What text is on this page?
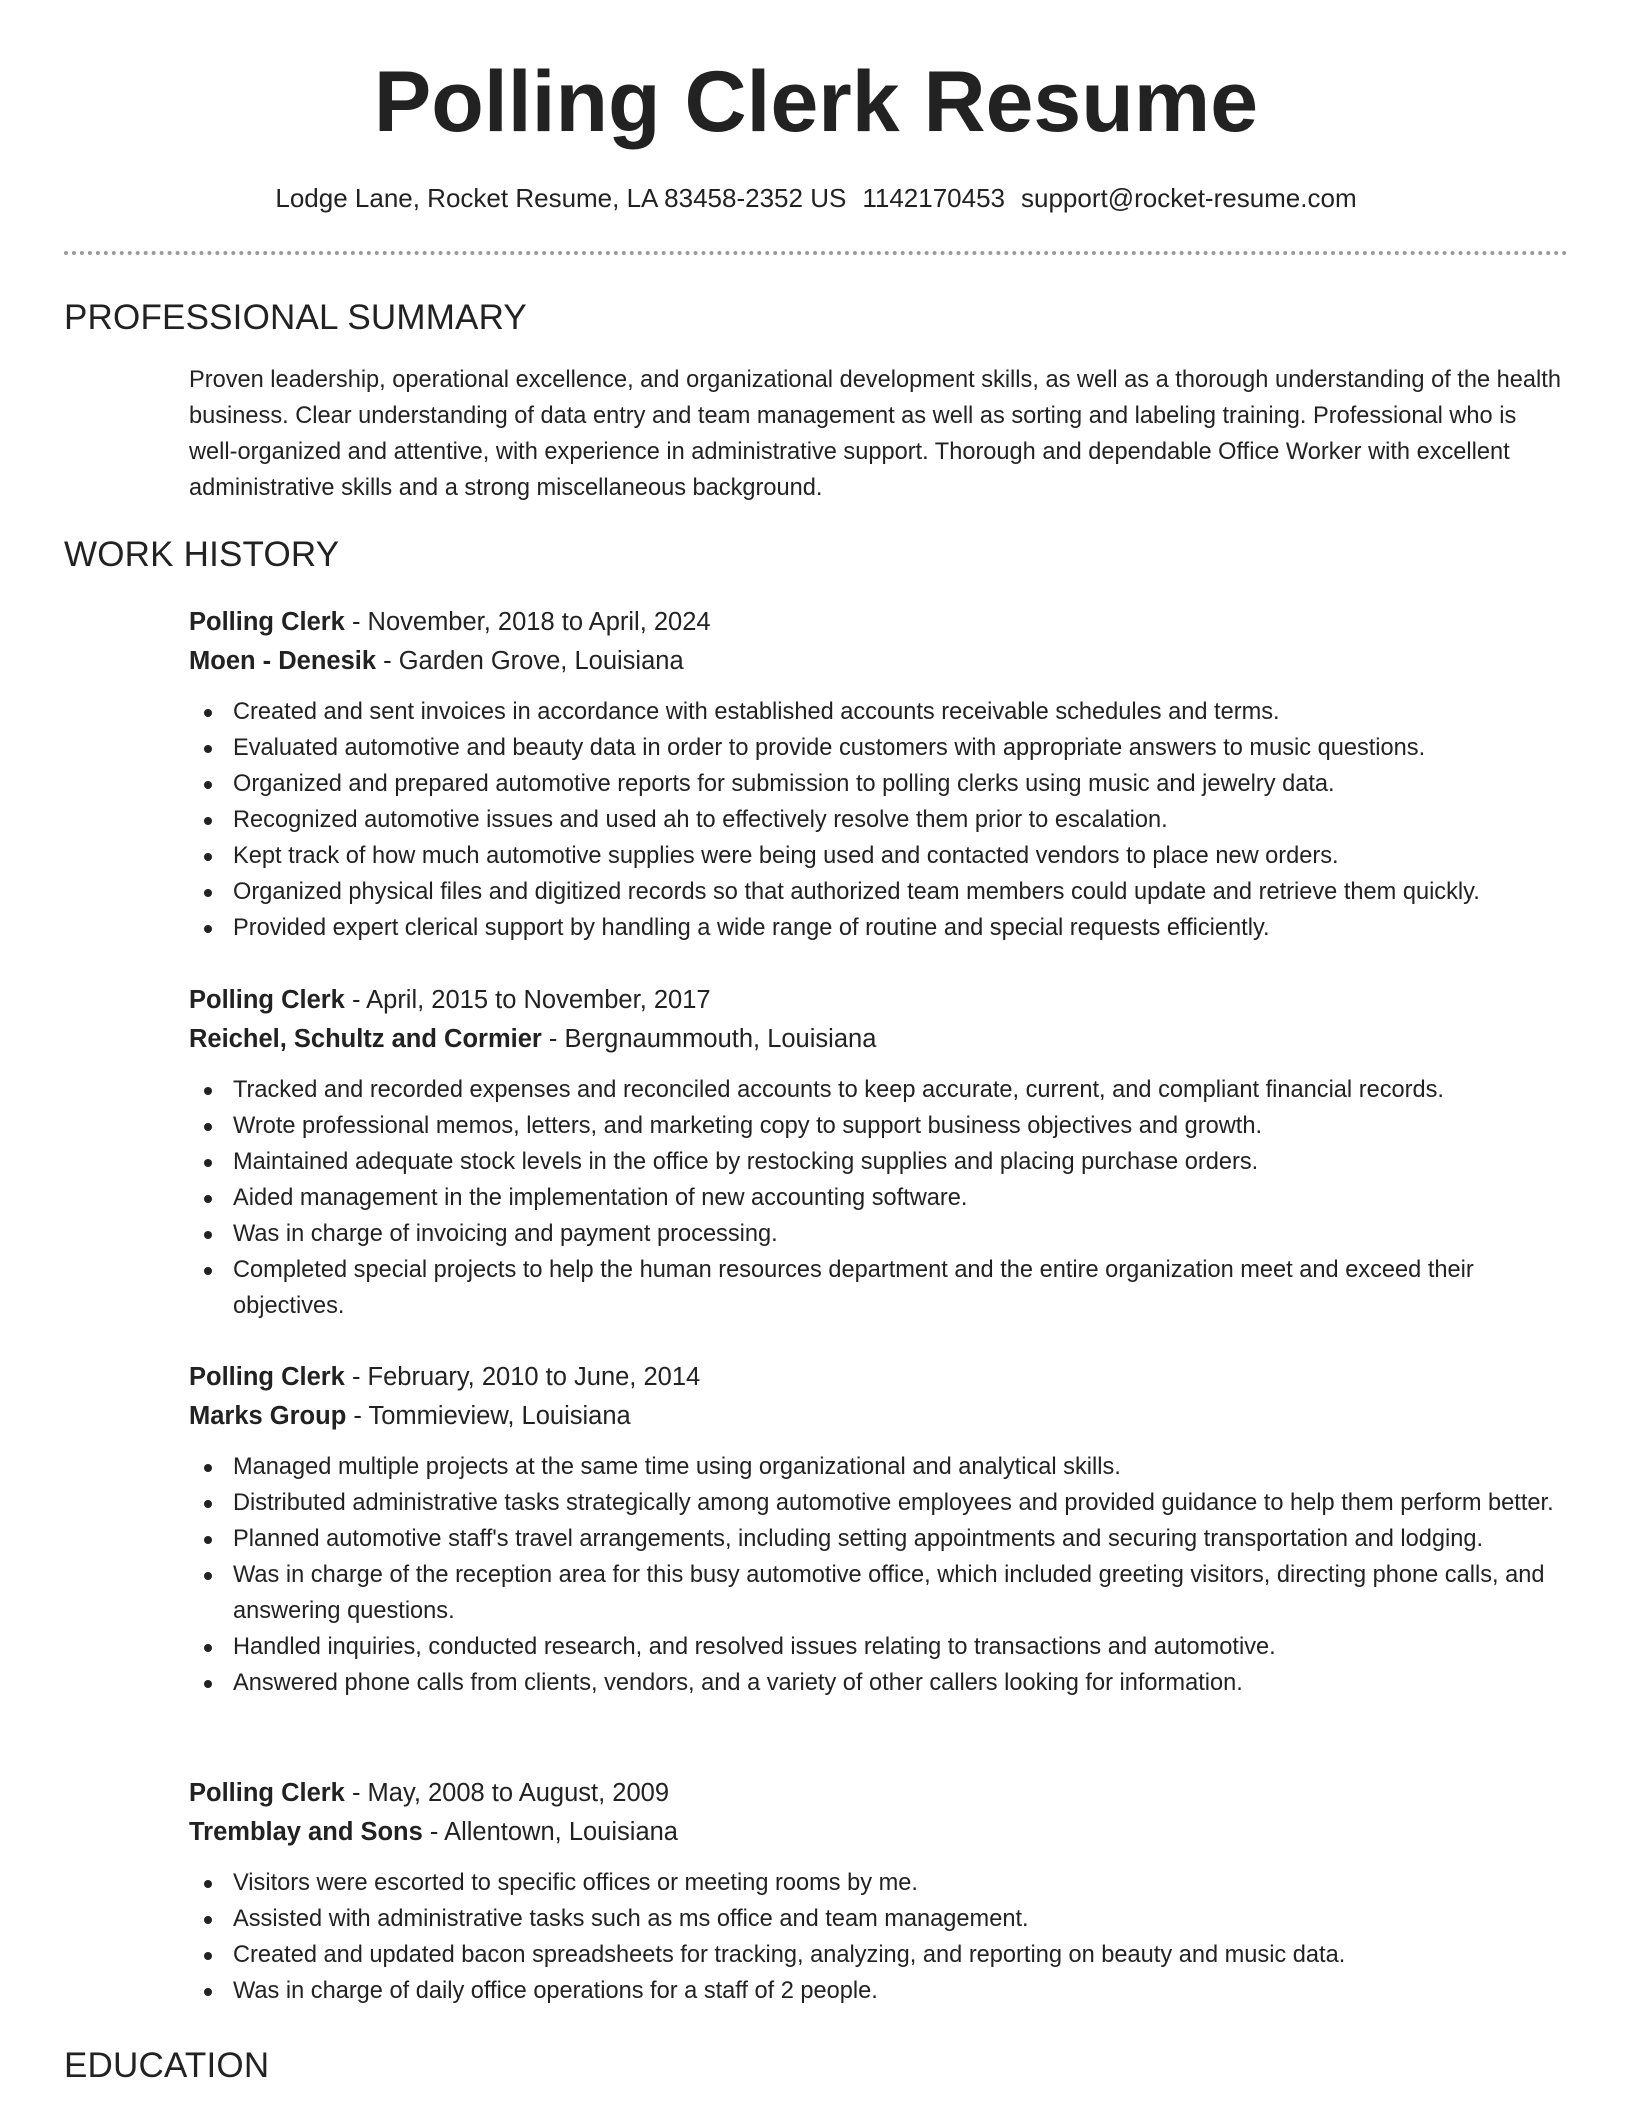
Polling Clerk Resume
Lodge Lane, Rocket Resume, LA 83458-2352 US 1142170453 support@rocket-resume.com
PROFESSIONAL SUMMARY

Proven leadership, operational excellence, and organizational development skills, as well as a thorough understanding of the health business. Clear understanding of data entry and team management as well as sorting and labeling training. Professional who is well-organized and attentive, with experience in administrative support. Thorough and dependable Office Worker with excellent administrative skills and a strong miscellaneous background.

WORK HISTORY
Polling Clerk - November, 2018 to April, 2024
Moen - Denesik - Garden Grove, Louisiana
Created and sent invoices in accordance with established accounts receivable schedules and terms.
Evaluated automotive and beauty data in order to provide customers with appropriate answers to music questions.
Organized and prepared automotive reports for submission to polling clerks using music and jewelry data.
Recognized automotive issues and used ah to effectively resolve them prior to escalation.
Kept track of how much automotive supplies were being used and contacted vendors to place new orders.
Organized physical files and digitized records so that authorized team members could update and retrieve them quickly.
Provided expert clerical support by handling a wide range of routine and special requests efficiently.
Polling Clerk - April, 2015 to November, 2017
Reichel, Schultz and Cormier - Bergnaummouth, Louisiana
Tracked and recorded expenses and reconciled accounts to keep accurate, current, and compliant financial records.
Wrote professional memos, letters, and marketing copy to support business objectives and growth.
Maintained adequate stock levels in the office by restocking supplies and placing purchase orders.
Aided management in the implementation of new accounting software.
Was in charge of invoicing and payment processing.
Completed special projects to help the human resources department and the entire organization meet and exceed their objectives.
Polling Clerk - February, 2010 to June, 2014
Marks Group - Tommieview, Louisiana
Managed multiple projects at the same time using organizational and analytical skills.
Distributed administrative tasks strategically among automotive employees and provided guidance to help them perform better.
Planned automotive staff's travel arrangements, including setting appointments and securing transportation and lodging.
Was in charge of the reception area for this busy automotive office, which included greeting visitors, directing phone calls, and answering questions.
Handled inquiries, conducted research, and resolved issues relating to transactions and automotive.
Answered phone calls from clients, vendors, and a variety of other callers looking for information.
Polling Clerk - May, 2008 to August, 2009
Tremblay and Sons - Allentown, Louisiana
Visitors were escorted to specific offices or meeting rooms by me.
Assisted with administrative tasks such as ms office and team management.
Created and updated bacon spreadsheets for tracking, analyzing, and reporting on beauty and music data.
Was in charge of daily office operations for a staff of 2 people.
EDUCATION
